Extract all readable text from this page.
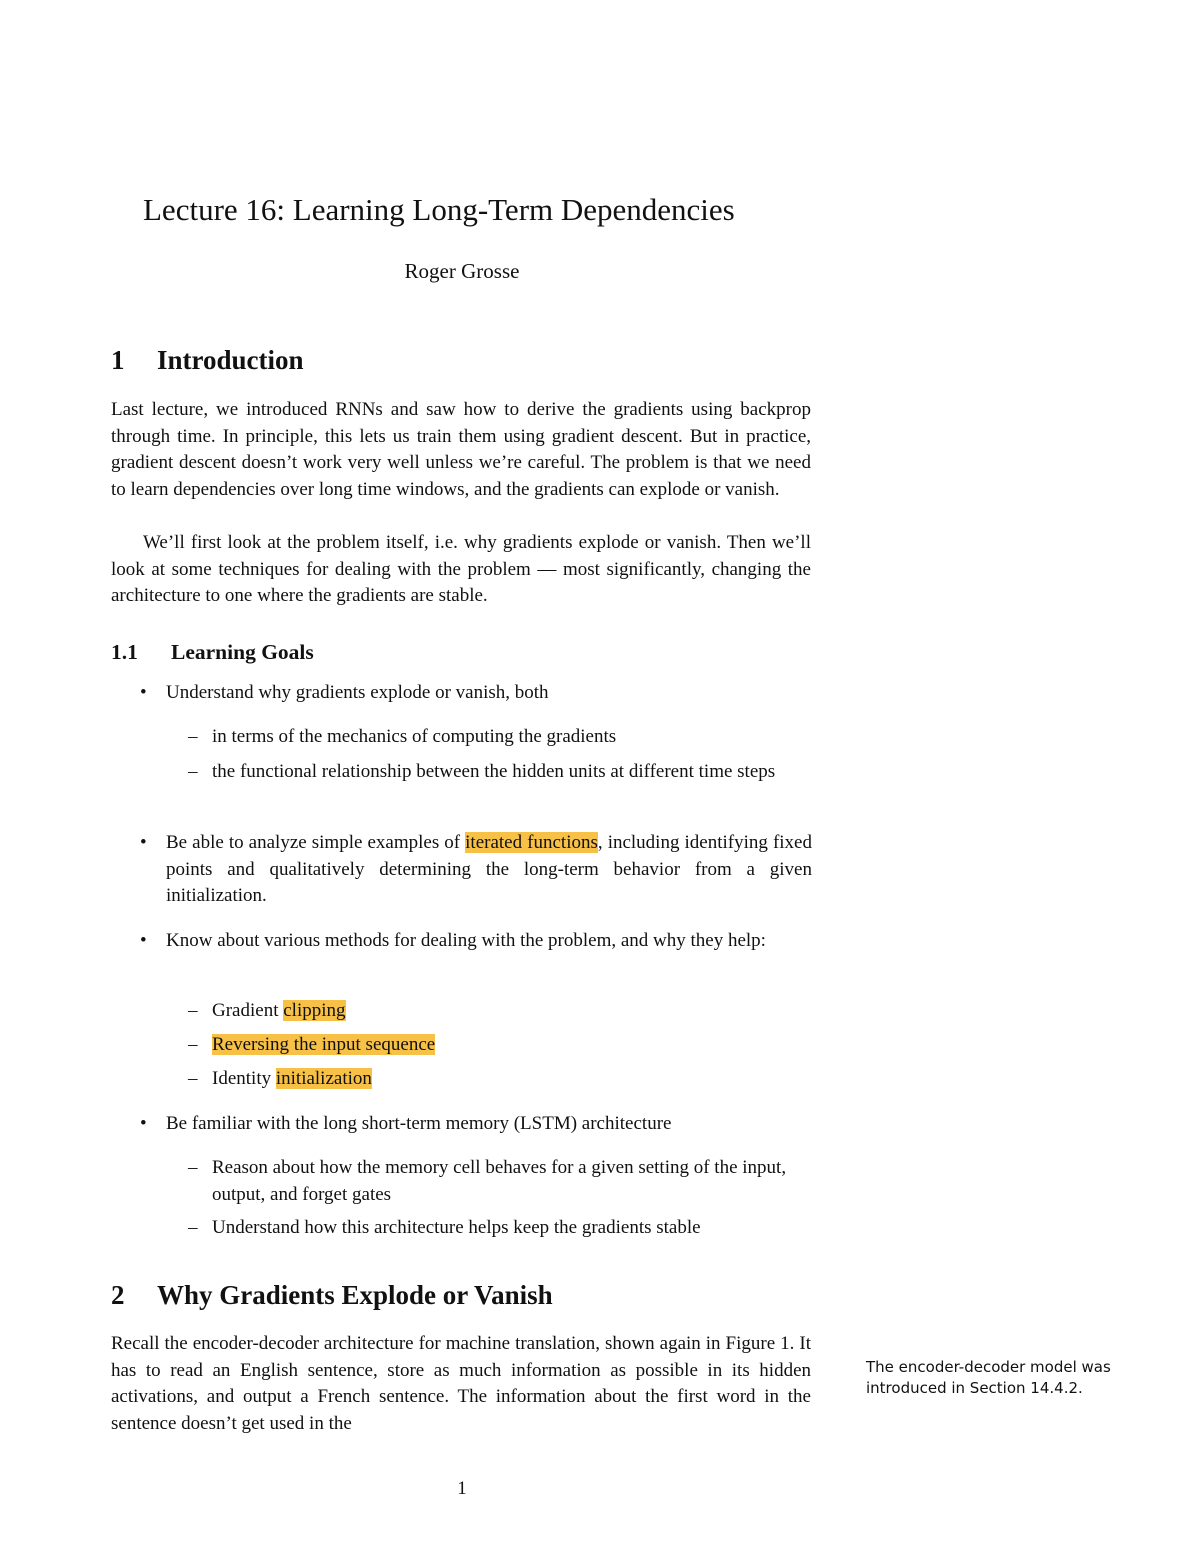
Lecture 16: Learning Long-Term Dependencies
Roger Grosse
1 Introduction
Last lecture, we introduced RNNs and saw how to derive the gradients using backprop through time. In principle, this lets us train them using gradient descent. But in practice, gradient descent doesn’t work very well unless we’re careful. The problem is that we need to learn dependencies over long time windows, and the gradients can explode or vanish.
We’ll first look at the problem itself, i.e. why gradients explode or vanish. Then we’ll look at some techniques for dealing with the problem — most significantly, changing the architecture to one where the gradients are stable.
1.1 Learning Goals
•	Understand why gradients explode or vanish, both
– in terms of the mechanics of computing the gradients
– the functional relationship between the hidden units at different time steps
•	Be able to analyze simple examples of iterated functions, including identifying fixed points and qualitatively determining the long-term behavior from a given initialization.
•	Know about various methods for dealing with the problem, and why they help:
– Gradient clipping
– Reversing the input sequence
– Identity initialization
•	Be familiar with the long short-term memory (LSTM) architecture
– Reason about how the memory cell behaves for a given setting of the input, output, and forget gates
– Understand how this architecture helps keep the gradients stable
2 Why Gradients Explode or Vanish
Recall the encoder-decoder architecture for machine translation, shown again in Figure 1. It has to read an English sentence, store as much information as possible in its hidden activations, and output a French sentence. The information about the first word in the sentence doesn’t get used in the
The encoder-decoder model was introduced in Section 14.4.2.
1
